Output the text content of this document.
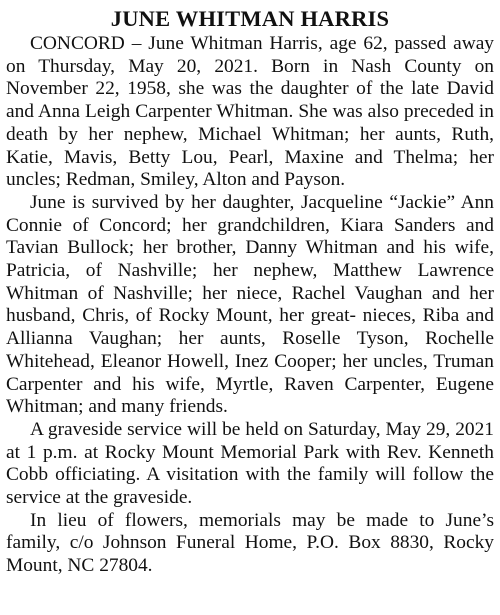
JUNE WHITMAN HARRIS

CONCORD – June Whitman Harris, age 62, passed away on Thursday, May 20, 2021. Born in Nash County on November 22, 1958, she was the daughter of the late David and Anna Leigh Carpenter Whitman. She was also preceded in death by her nephew, Michael Whitman; her aunts, Ruth, Katie, Mavis, Betty Lou, Pearl, Maxine and Thelma; her uncles; Redman, Smiley, Alton and Payson.

June is survived by her daughter, Jacqueline “Jackie” Ann Connie of Concord; her grandchildren, Kiara Sanders and Tavian Bullock; her brother, Danny Whitman and his wife, Patricia, of Nashville; her nephew, Matthew Lawrence Whitman of Nashville; her niece, Rachel Vaughan and her husband, Chris, of Rocky Mount, her great- nieces, Riba and Allianna Vaughan; her aunts, Roselle Tyson, Rochelle Whitehead, Eleanor Howell, Inez Cooper; her uncles, Truman Carpenter and his wife, Myrtle, Raven Carpenter, Eugene Whitman; and many friends.

A graveside service will be held on Saturday, May 29, 2021 at 1 p.m. at Rocky Mount Memorial Park with Rev. Kenneth Cobb officiating. A visitation with the family will follow the service at the graveside.

In lieu of flowers, memorials may be made to June’s family, c/o Johnson Funeral Home, P.O. Box 8830, Rocky Mount, NC 27804.
